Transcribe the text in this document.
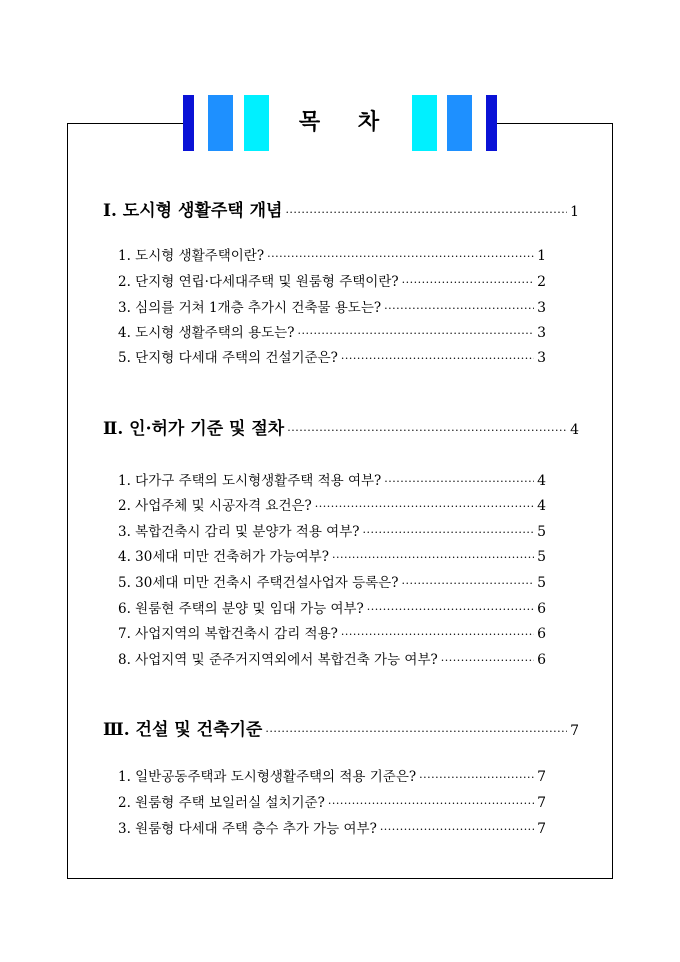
목 차
Ⅰ. 도시형 생활주택 개념 ·····	1
1. 도시형 생활주택이란? ·····	1
2. 단지형 연립·다세대주택 및 원룸형 주택이란? ·····	2
3. 심의를 거쳐 1개층 추가시 건축물 용도는? ·····	3
4. 도시형 생활주택의 용도는? ·····	3
5. 단지형 다세대 주택의 건설기준은? ·····	3
Ⅱ. 인·허가 기준 및 절차 ·····	4
1. 다가구 주택의 도시형생활주택 적용 여부? ·····	4
2. 사업주체 및 시공자격 요건은? ·····	4
3. 복합건축시 감리 및 분양가 적용 여부? ·····	5
4. 30세대 미만 건축허가 가능여부? ·····	5
5. 30세대 미만 건축시 주택건설사업자 등록은? ·····	5
6. 원룸현 주택의 분양 및 임대 가능 여부? ·····	6
7. 사업지역의 복합건축시 감리 적용? ·····	6
8. 사업지역 및 준주거지역외에서 복합건축 가능 여부? ·····	6
Ⅲ. 건설 및 건축기준 ·····	7
1. 일반공동주택과 도시형생활주택의 적용 기준은? ·····	7
2. 원룸형 주택 보일러실 설치기준? ·····	7
3. 원룸형 다세대 주택 층수 추가 가능 여부? ·····	7
